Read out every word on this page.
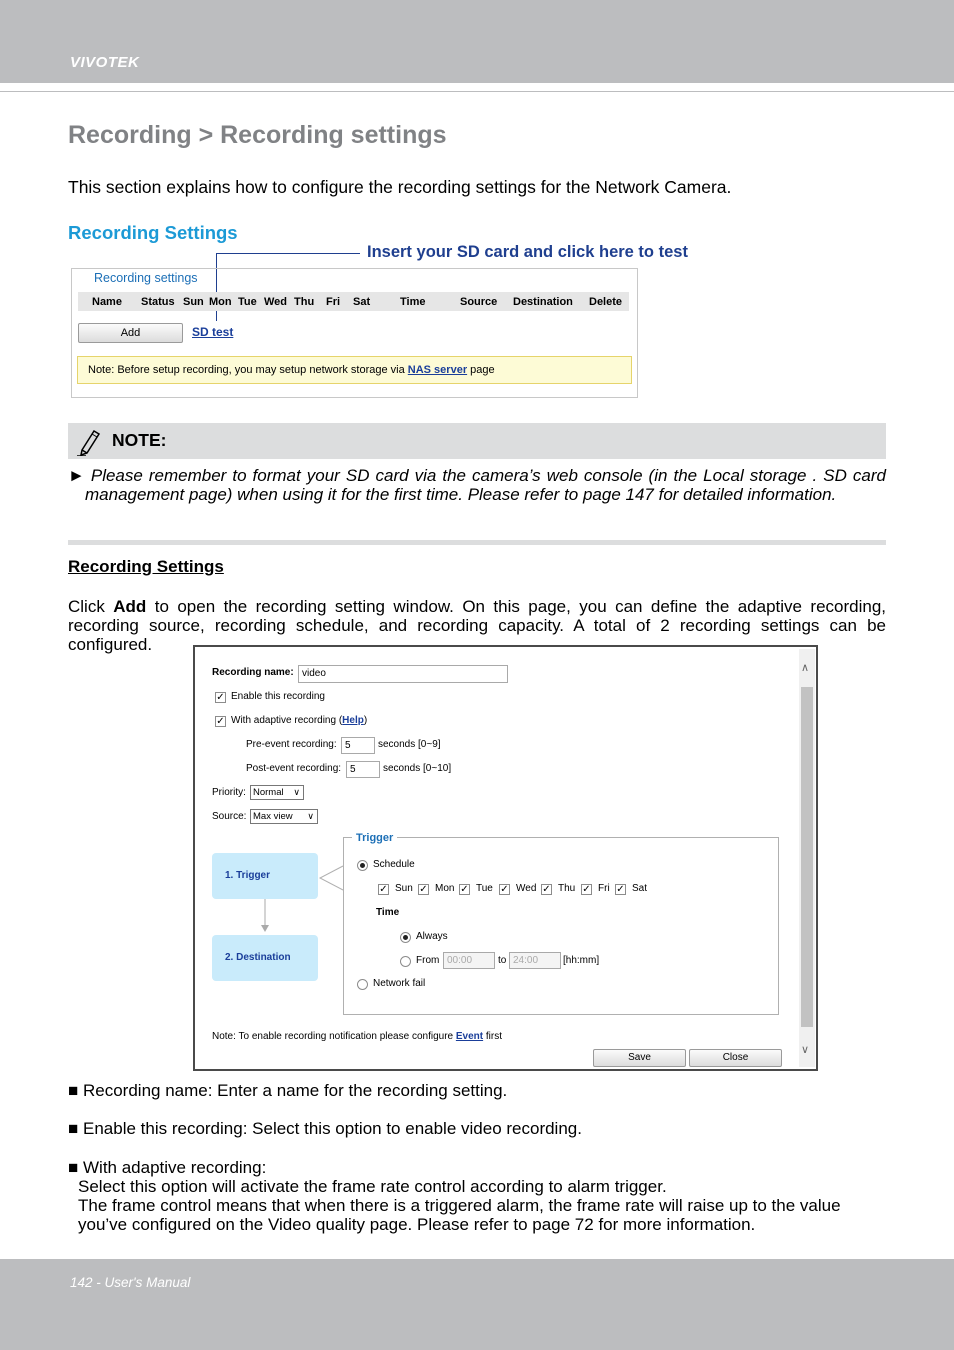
VIVOTEK
Recording > Recording settings
This section explains how to configure the recording settings for the Network Camera.
Recording Settings
Insert your SD card and click here to test
Recording settings
Name Status Sun Mon Tue Wed Thu Fri Sat	Time	Source Destination Delete
Add	SD test
Note: Before setup recording, you may setup network storage via NAS server page
NOTE:
► Please remember to format your SD card via the camera’s web console (in the Local storage . SD card management page) when using it for the first time. Please refer to page 147 for detailed information.
Recording Settings
Click Add to open the recording setting window. On this page, you can define the adaptive recording, recording source, recording schedule, and recording capacity. A total of 2 recording settings can be configured.
Recording name: video
✓ Enable this recording
✓ With adaptive recording (Help)
Pre-event recording: 5	seconds [0~9]
Post-event recording: 5	seconds [0~10]
Priority: Normal ∨
Source: Max view ∨
1. Trigger
2. Destination
Trigger
Schedule
✓ Sun ✓ Mon ✓ Tue ✓ Wed ✓ Thu ✓ Fri ✓ Sat
Time
Always
From 00:00	to 24:00	[hh:mm]
Network fail
Note: To enable recording notification please configure Event first
Save	Close
∧
∨
■ Recording name: Enter a name for the recording setting.
■ Enable this recording: Select this option to enable video recording.
■ With adaptive recording:
Select this option will activate the frame rate control according to alarm trigger.
The frame control means that when there is a triggered alarm, the frame rate will raise up to the value you’ve configured on the Video quality page. Please refer to page 72 for more information.
142 - User's Manual
